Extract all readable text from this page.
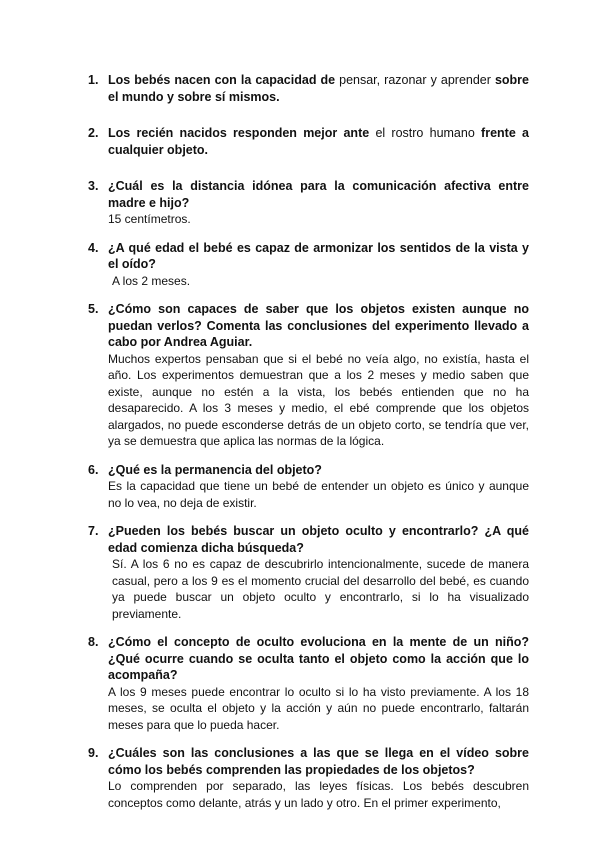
1. Los bebés nacen con la capacidad de pensar, razonar y aprender sobre el mundo y sobre sí mismos.

2. Los recién nacidos responden mejor ante el rostro humano frente a cualquier objeto.

3. ¿Cuál es la distancia idónea para la comunicación afectiva entre madre e hijo?

15 centímetros.

4. ¿A qué edad el bebé es capaz de armonizar los sentidos de la vista y el oído?

A los 2 meses.

5. ¿Cómo son capaces de saber que los objetos existen aunque no puedan verlos? Comenta las conclusiones del experimento llevado a cabo por Andrea Aguiar.

Muchos expertos pensaban que si el bebé no veía algo, no existía, hasta el año. Los experimentos demuestran que a los 2 meses y medio saben que existe, aunque no estén a la vista, los bebés entienden que no ha desaparecido. A los 3 meses y medio, el ebé comprende que los objetos alargados, no puede esconderse detrás de un objeto corto, se tendría que ver, ya se demuestra que aplica las normas de la lógica.

6. ¿Qué es la permanencia del objeto?

Es la capacidad que tiene un bebé de entender un objeto es único y aunque no lo vea, no deja de existir.

7. ¿Pueden los bebés buscar un objeto oculto y encontrarlo? ¿A qué edad comienza dicha búsqueda?

Sí. A los 6 no es capaz de descubrirlo intencionalmente, sucede de manera casual, pero a los 9 es el momento crucial del desarrollo del bebé, es cuando ya puede buscar un objeto oculto y encontrarlo, si lo ha visualizado previamente.

8. ¿Cómo el concepto de oculto evoluciona en la mente de un niño? ¿Qué ocurre cuando se oculta tanto el objeto como la acción que lo acompaña?

A los 9 meses puede encontrar lo oculto si lo ha visto previamente. A los 18 meses, se oculta el objeto y la acción y aún no puede encontrarlo, faltarán meses para que lo pueda hacer.

9. ¿Cuáles son las conclusiones a las que se llega en el vídeo sobre cómo los bebés comprenden las propiedades de los objetos?

Lo comprenden por separado, las leyes físicas. Los bebés descubren conceptos como delante, atrás y un lado y otro. En el primer experimento,
